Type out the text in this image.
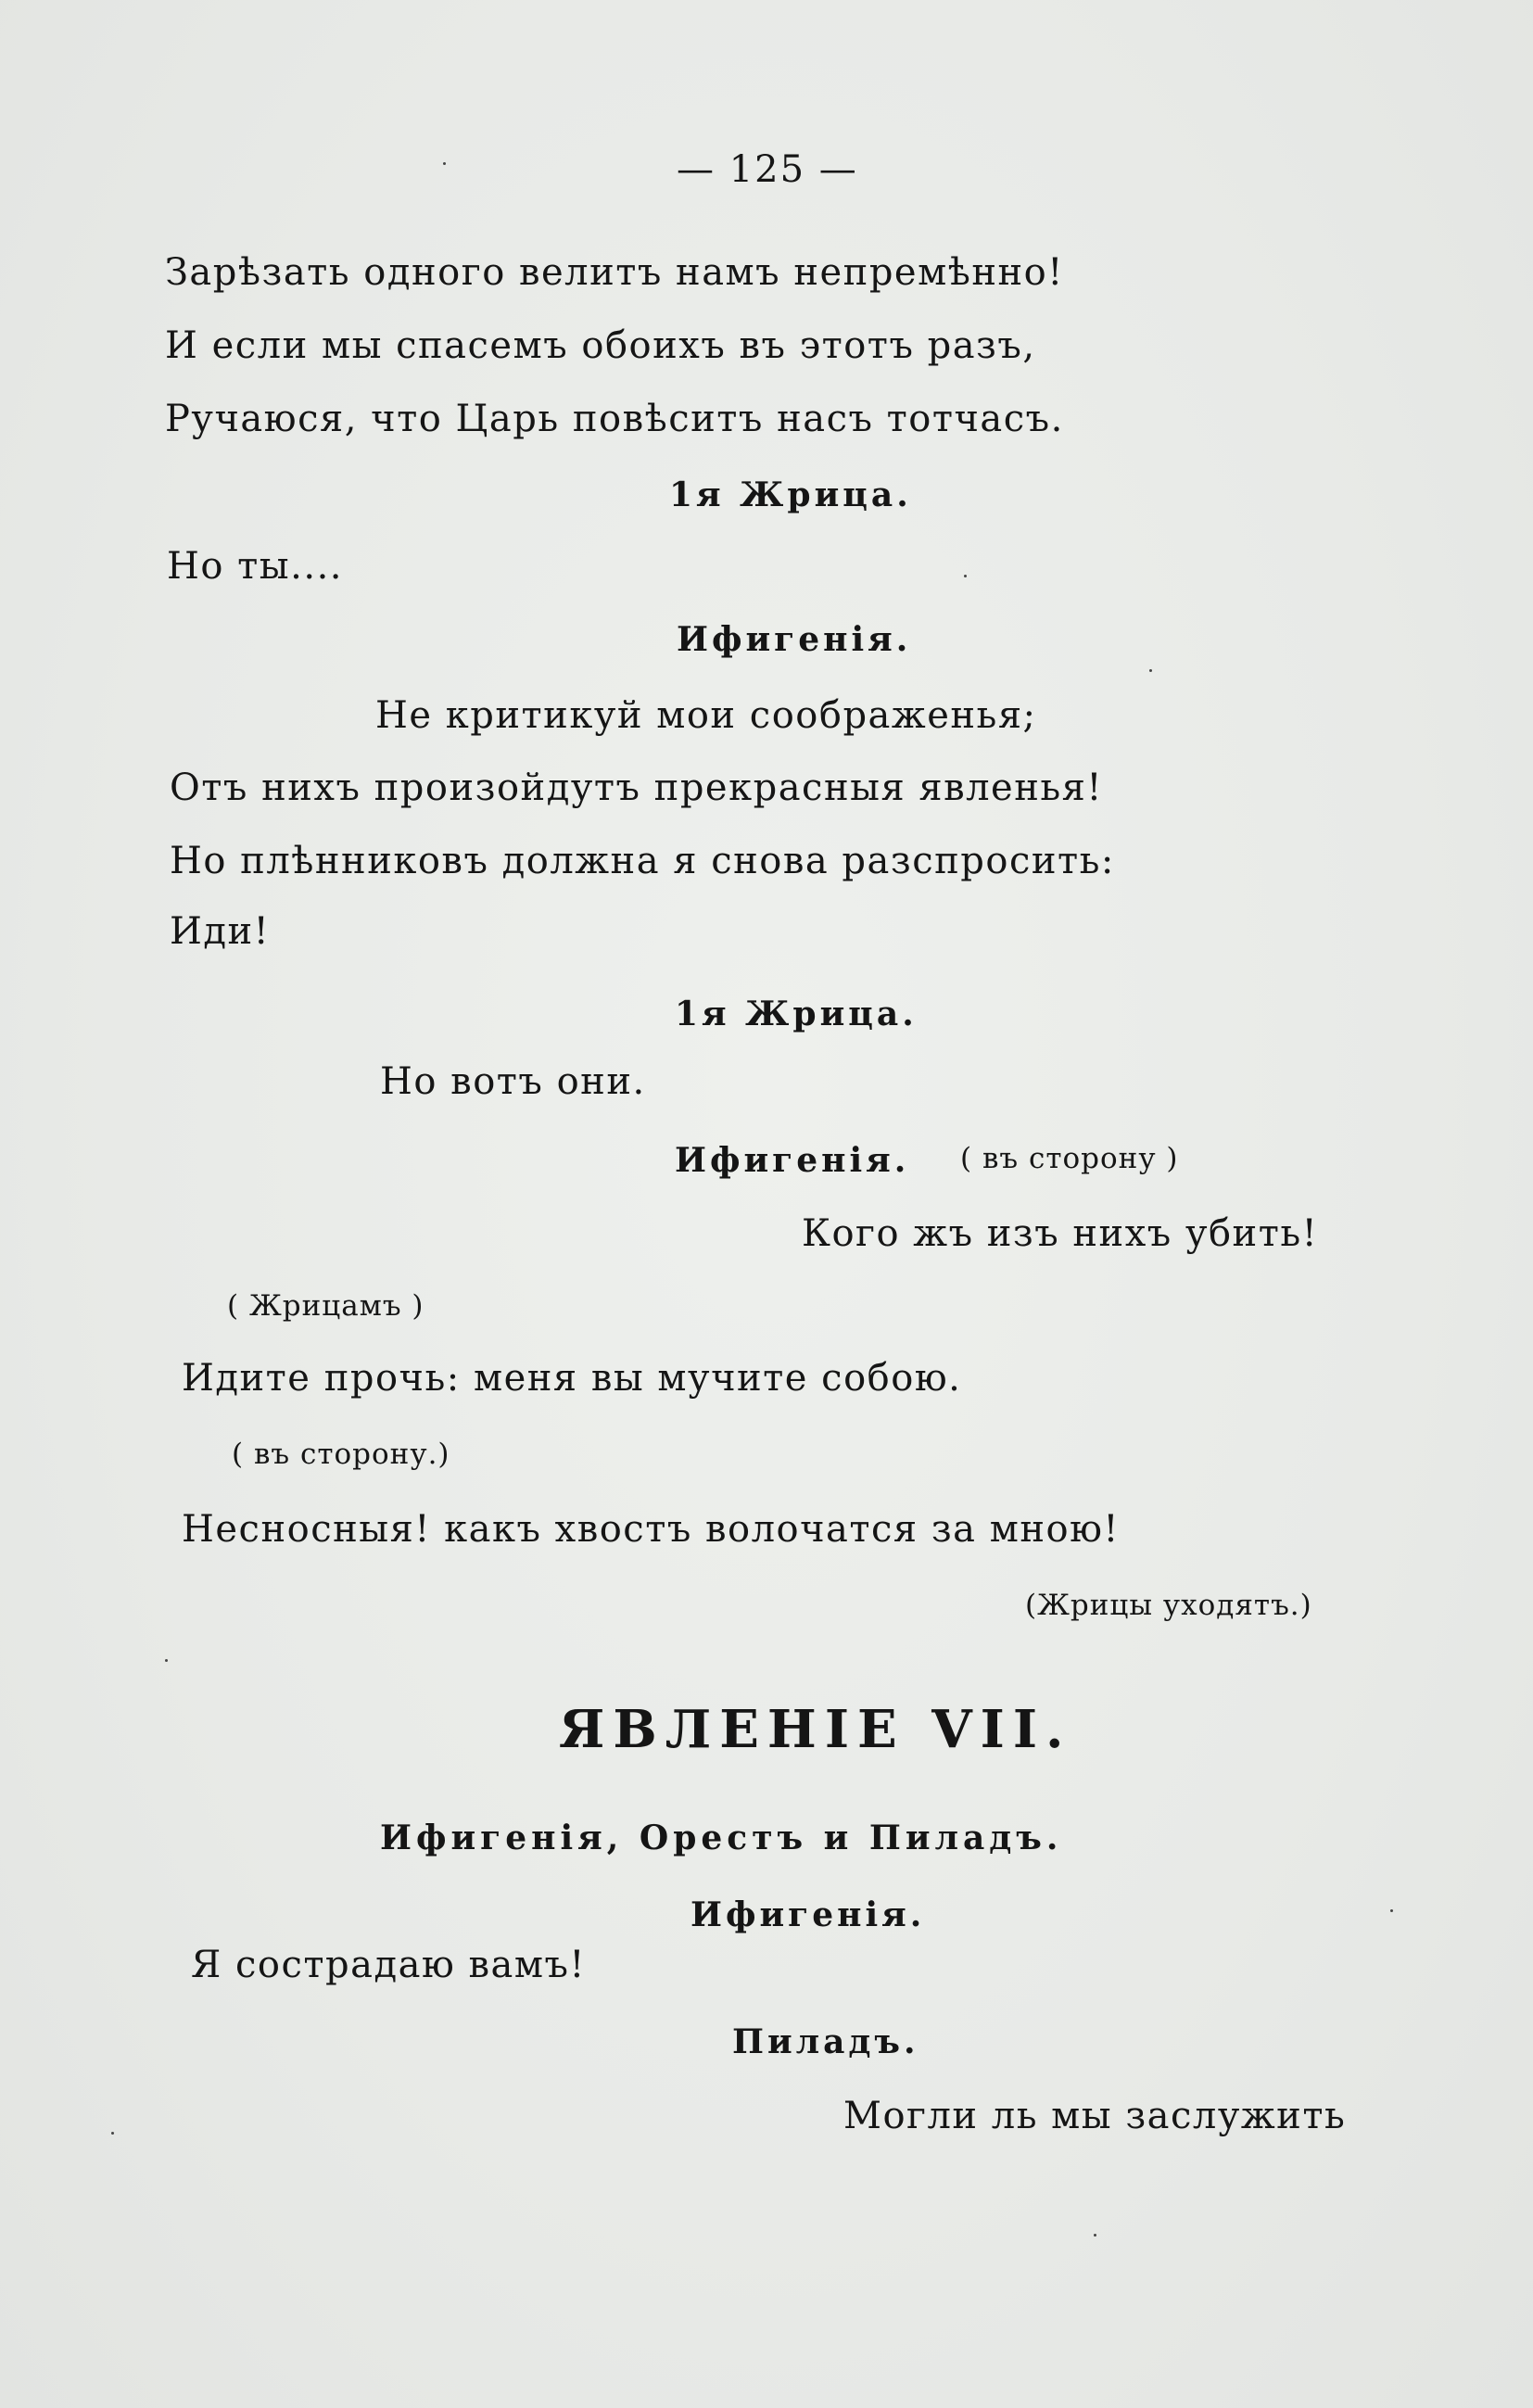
— 125 —
Зарѣзать одного велитъ намъ непремѣнно!
И если мы спасемъ обоихъ въ этотъ разъ,
Ручаюся, что Царь повѣситъ насъ тотчасъ.
1я Жрица.
Но ты....
Ифигенія.
Не критикуй мои соображенья;
Отъ нихъ произойдутъ прекрасныя явленья!
Но плѣнниковъ должна я снова разспросить:
Иди!
1я Жрица.
Но вотъ они.
Ифигенія. ( въ сторону )
Кого жъ изъ нихъ убить!
( Жрицамъ )
Идите прочь: меня вы мучите собою.
( въ сторону.)
Несносныя! какъ хвостъ волочатся за мною!
(Жрицы уходятъ.)
ЯВЛЕНІЕ VII.
Ифигенія, Орестъ и Пиладъ.
Ифигенія.
Я сострадаю вамъ!
Пиладъ.
Могли ль мы заслужить
